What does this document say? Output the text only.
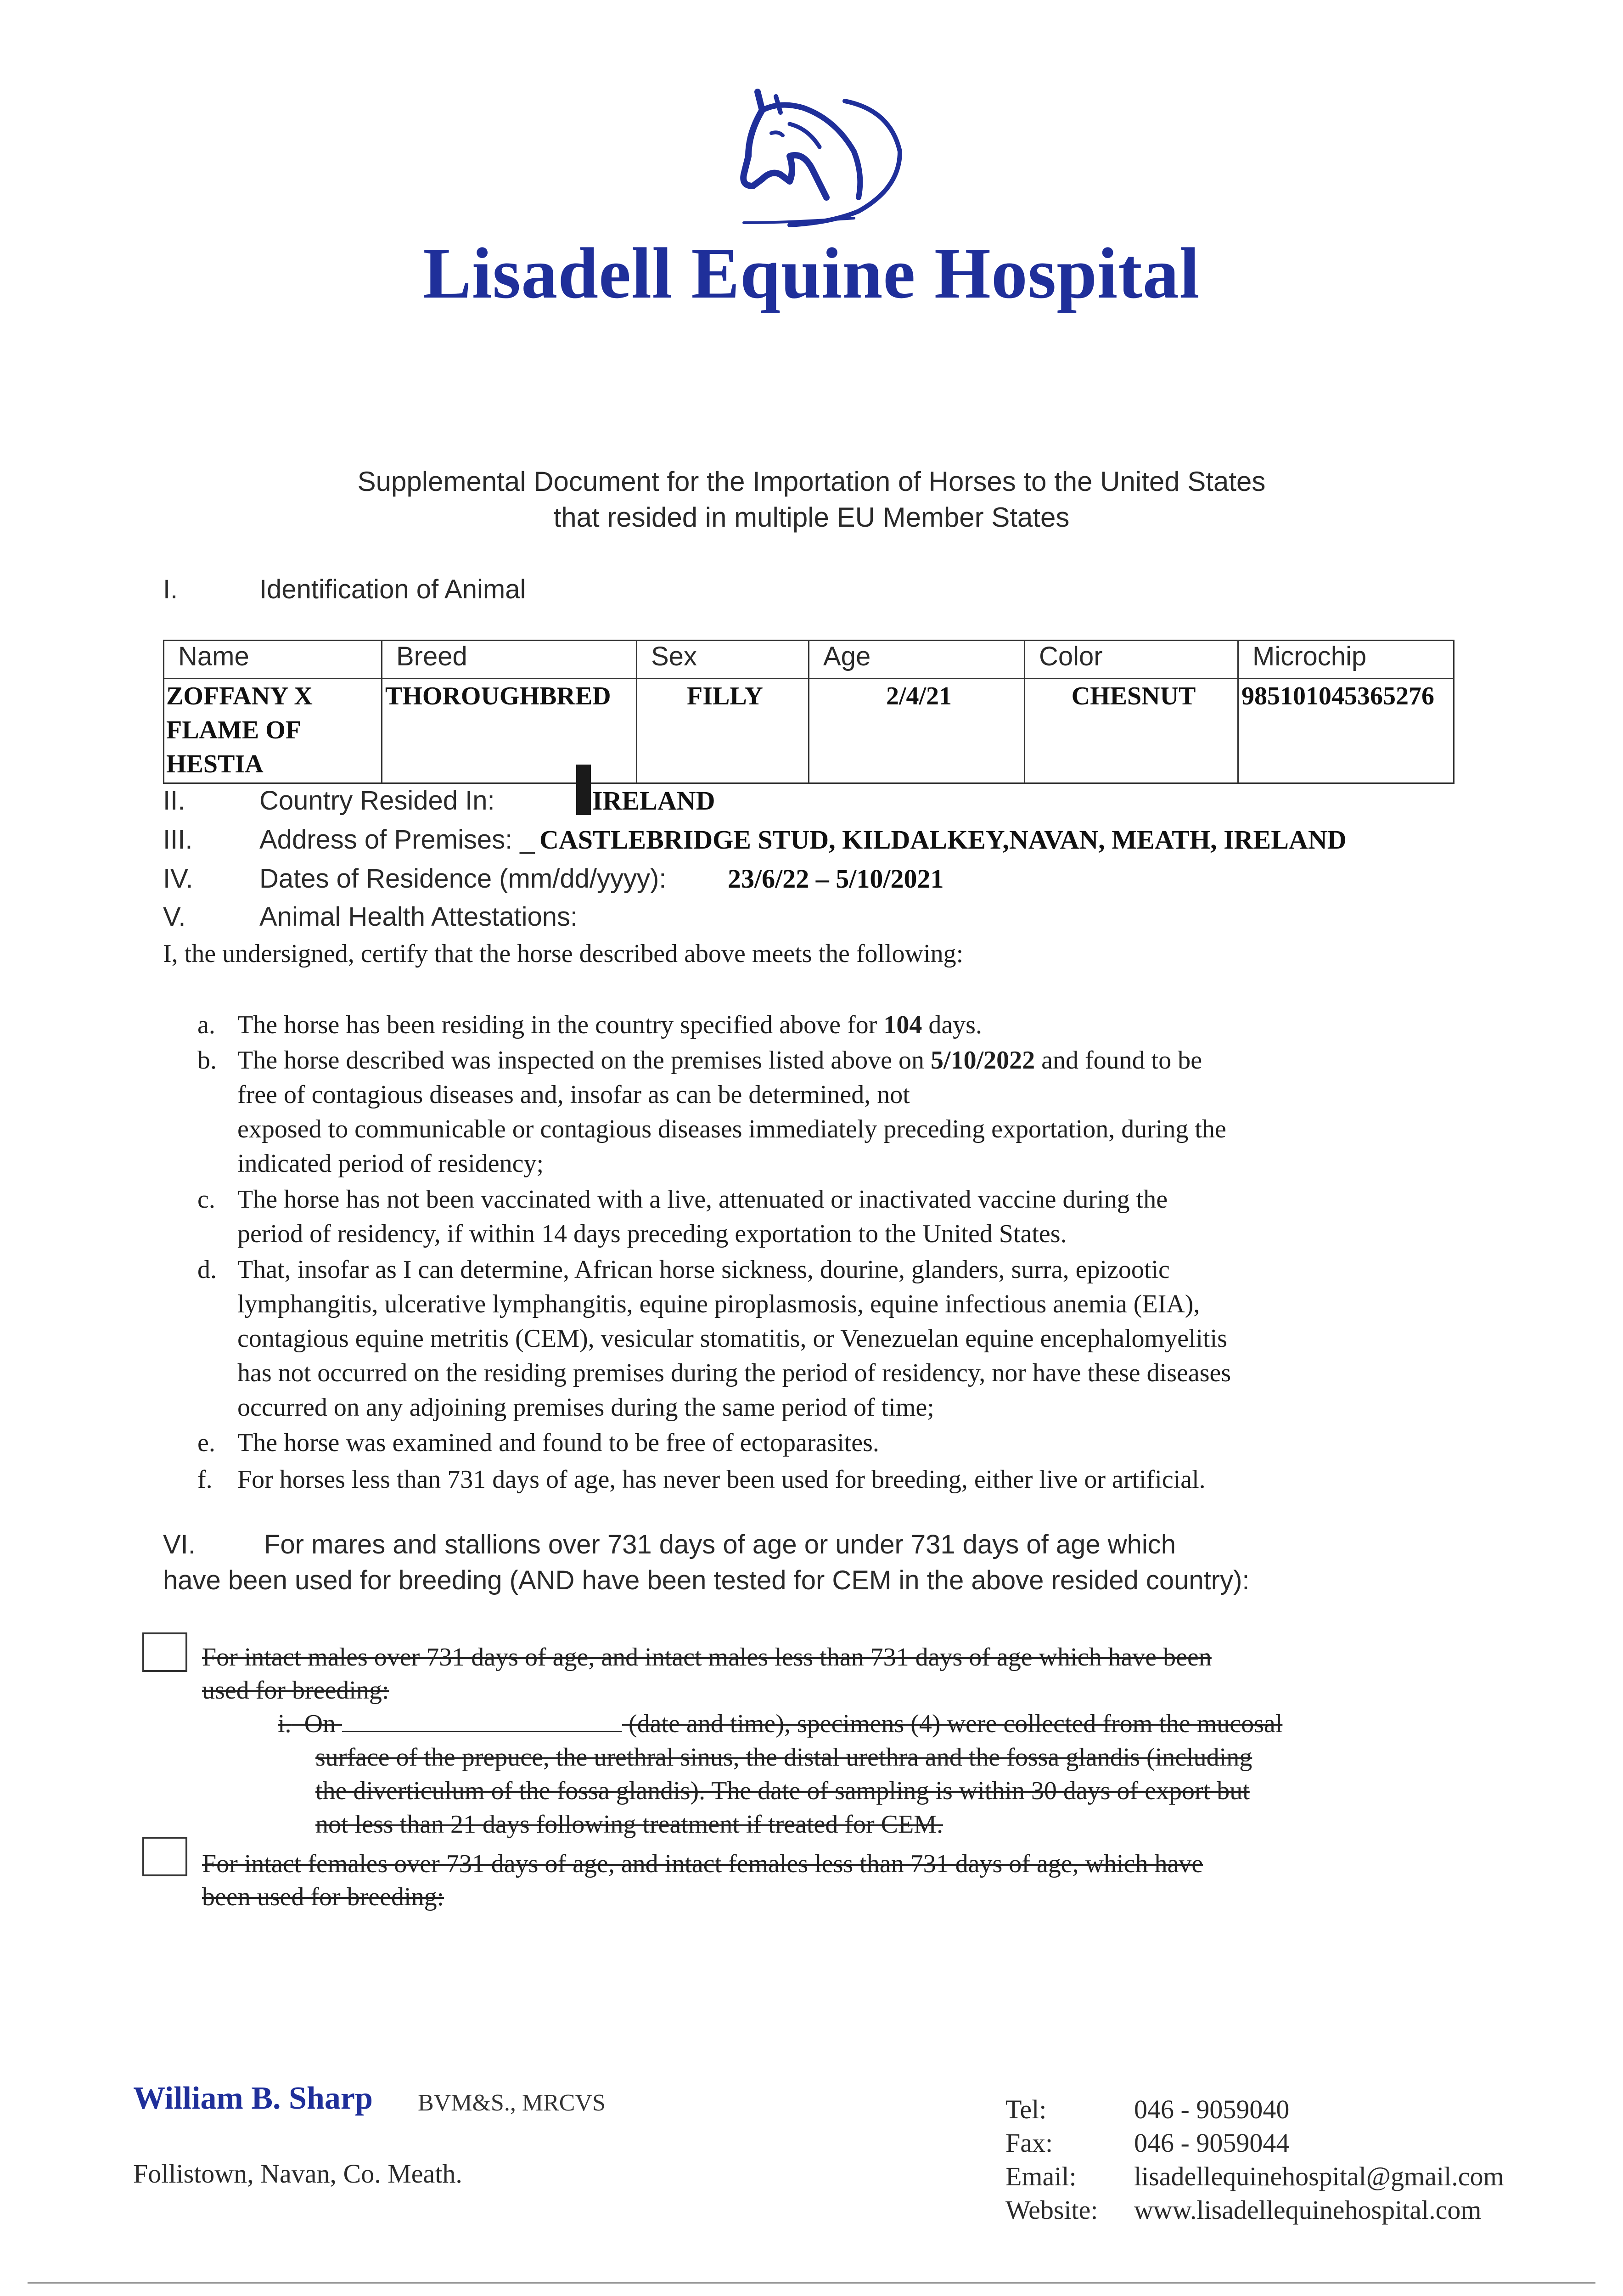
Lisadell Equine Hospital
Supplemental Document for the Importation of Horses to the United States
that resided in multiple EU Member States
I.	Identification of Animal
Name	Breed	Sex	Age	Color	Microchip

ZOFFANY X
FLAME OF
HESTIA	THOROUGHBRED	FILLY	2/4/21	CHESNUT	985101045365276
II.	Country Resided In:	IRELAND
III.	Address of Premises: _ CASTLEBRIDGE STUD, KILDALKEY,NAVAN, MEATH, IRELAND
IV. Dates of Residence (mm/dd/yyyy): 23/6/22 – 5/10/2021
V.	Animal Health Attestations:
I, the undersigned, certify that the horse described above meets the following:
a. The horse has been residing in the country specified above for 104 days.
b. The horse described was inspected on the premises listed above on 5/10/2022 and found to be
free of contagious diseases and, insofar as can be determined, not
exposed to communicable or contagious diseases immediately preceding exportation, during the
indicated period of residency;
c. The horse has not been vaccinated with a live, attenuated or inactivated vaccine during the
period of residency, if within 14 days preceding exportation to the United States.
d. That, insofar as I can determine, African horse sickness, dourine, glanders, surra, epizootic
lymphangitis, ulcerative lymphangitis, equine piroplasmosis, equine infectious anemia (EIA),
contagious equine metritis (CEM), vesicular stomatitis, or Venezuelan equine encephalomyelitis
has not occurred on the residing premises during the period of residency, nor have these diseases
occurred on any adjoining premises during the same period of time;
e. The horse was examined and found to be free of ectoparasites.
f. For horses less than 731 days of age, has never been used for breeding, either live or artificial.
VI.	For mares and stallions over 731 days of age or under 731 days of age which
have been used for breeding (AND have been tested for CEM in the above resided country):
For intact males over 731 days of age, and intact males less than 731 days of age which have been
used for breeding:
i. On	(date and time), specimens (4) were collected from the mucosal
surface of the prepuce, the urethral sinus, the distal urethra and the fossa glandis (including
the diverticulum of the fossa glandis). The date of sampling is within 30 days of export but
not less than 21 days following treatment if treated for CEM.
For intact females over 731 days of age, and intact females less than 731 days of age, which have
been used for breeding:
William B. Sharp BVM&S., MRCVS
Follistown, Navan, Co. Meath.
Tel:	046 - 9059040
Fax:	046 - 9059044
Email: lisadellequinehospital@gmail.com
Website: www.lisadellequinehospital.com
